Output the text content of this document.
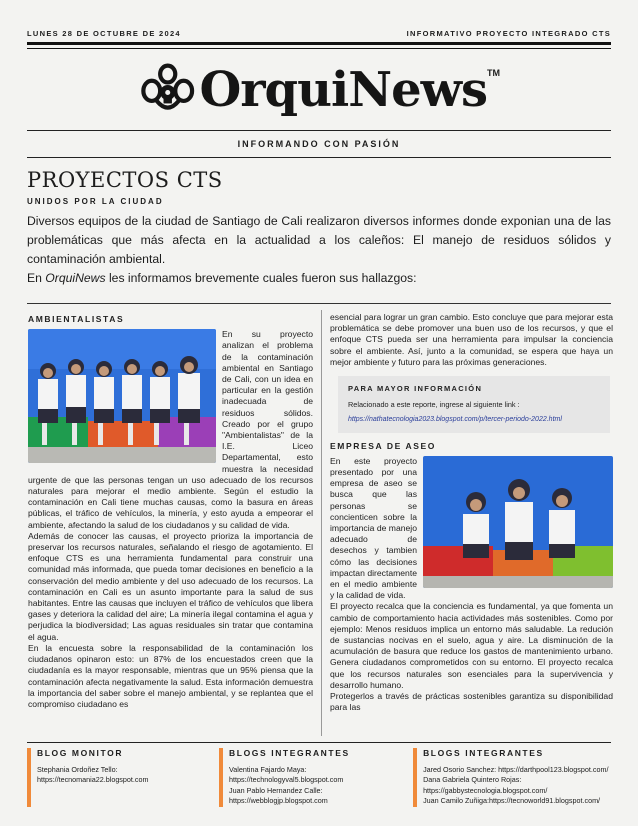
LUNES 28 DE OCTUBRE DE 2024	INFORMATIVO PROYECTO INTEGRADO CTS
OrquiNews TM
INFORMANDO CON PASIÓN
PROYECTOS CTS
UNIDOS POR LA CIUDAD

Diversos equipos de la ciudad de Santiago de Cali realizaron diversos informes donde exponian una de las problemáticas que más afecta en la actualidad a los caleños: El manejo de residuos sólidos y contaminación ambiental.

En OrquiNews les informamos brevemente cuales fueron sus hallazgos:

AMBIENTALISTAS

En su proyecto analizan el problema de la contaminación ambiental en Santiago de Cali, con un idea en particular en la gestión inadecuada de residuos sólidos. Creado por el grupo "Ambientalistas" de la I.E. Liceo Departamental, esto muestra la necesidad urgente de que las personas tengan un uso adecuado de los recursos naturales para mejorar el medio ambiente. Según el estudio la contaminación en Cali tiene muchas causas, como la basura en áreas públicas, el tráfico de vehículos, la minería, y esto ayuda a empeorar el ambiente, afectando la salud de los ciudadanos y su calidad de vida.

Además de conocer las causas, el proyecto prioriza la importancia de preservar los recursos naturales, señalando el riesgo de agotamiento. El enfoque CTS es una herramienta fundamental para construir una comunidad más informada, que pueda tomar decisiones en beneficio a la conservación del medio ambiente y del uso adecuado de los recursos. La contaminación en Cali es un asunto importante para la salud de sus habitantes. Entre las causas que incluyen el tráfico de vehículos que libera gases y deteriora la calidad del aire; La minería ilegal contamina el agua y perjudica la biodiversidad; Las aguas residuales sin tratar que contamina el agua.

En la encuesta sobre la responsabilidad de la contaminación los ciudadanos opinaron esto: un 87% de los encuestados creen que la ciudadanía es la mayor responsable, mientras que un 95% piensa que la contaminación afecta negativamente la salud. Esta información demuestra la importancia del saber sobre el manejo ambiental, y se replantea que el compromiso ciudadano es

esencial para lograr un gran cambio. Esto concluye que para mejorar esta problemática se debe promover una buen uso de los recursos, y que el enfoque CTS pueda ser una herramienta para impulsar la conciencia sobre el ambiente. Así, junto a la comunidad, se espera que haya un mejor ambiente y futuro para las próximas generaciones.

PARA MAYOR INFORMACIÓN
Relacionado a este reporte, ingrese al siguiente link :
https://nathatecnologia2023.blogspot.com/p/tercer-periodo-2022.html
EMPRESA DE ASEO

En este proyecto presentado por una empresa de aseo se busca que las personas se concienticen sobre la importancia de manejo adecuado de desechos y tambien cómo las decisiones impactan directamente en el medio ambiente y la calidad de vida.

El proyecto recalca que la conciencia es fundamental, ya que fomenta un cambio de comportamiento hacia actividades más sostenibles. Como por ejemplo: Menos residuos implica un entorno más saludable. La redución de sustancias nocivas en el suelo, agua y aire. La disminución de la acumulación de basura que reduce los gastos de mantenimiento urbano. Genera ciudadanos comprometidos con su entorno. El proyecto recalca que los recursos naturales son esenciales para la supervivencia y desarrollo humano.

Protegerlos a través de prácticas sostenibles garantiza su disponibilidad para las

BLOG MONITOR
Stephania Ordoñez Tello: https://tecnomania22.blogspot.com
BLOGS INTEGRANTES
Valentina Fajardo Maya: https://technologyval5.blogspot.com
Juan Pablo Hernandez Calle: https://webblogjp.blogspot.com
BLOGS INTEGRANTES
Jared Osorio Sanchez: https://darthpool123.blogspot.com/ Dana Gabriela Quintero Rojas: https://gabbystecnologia.blogspot.com/
Juan Camilo Zuñiga:https://tecnoworld91.blogspot.com/
